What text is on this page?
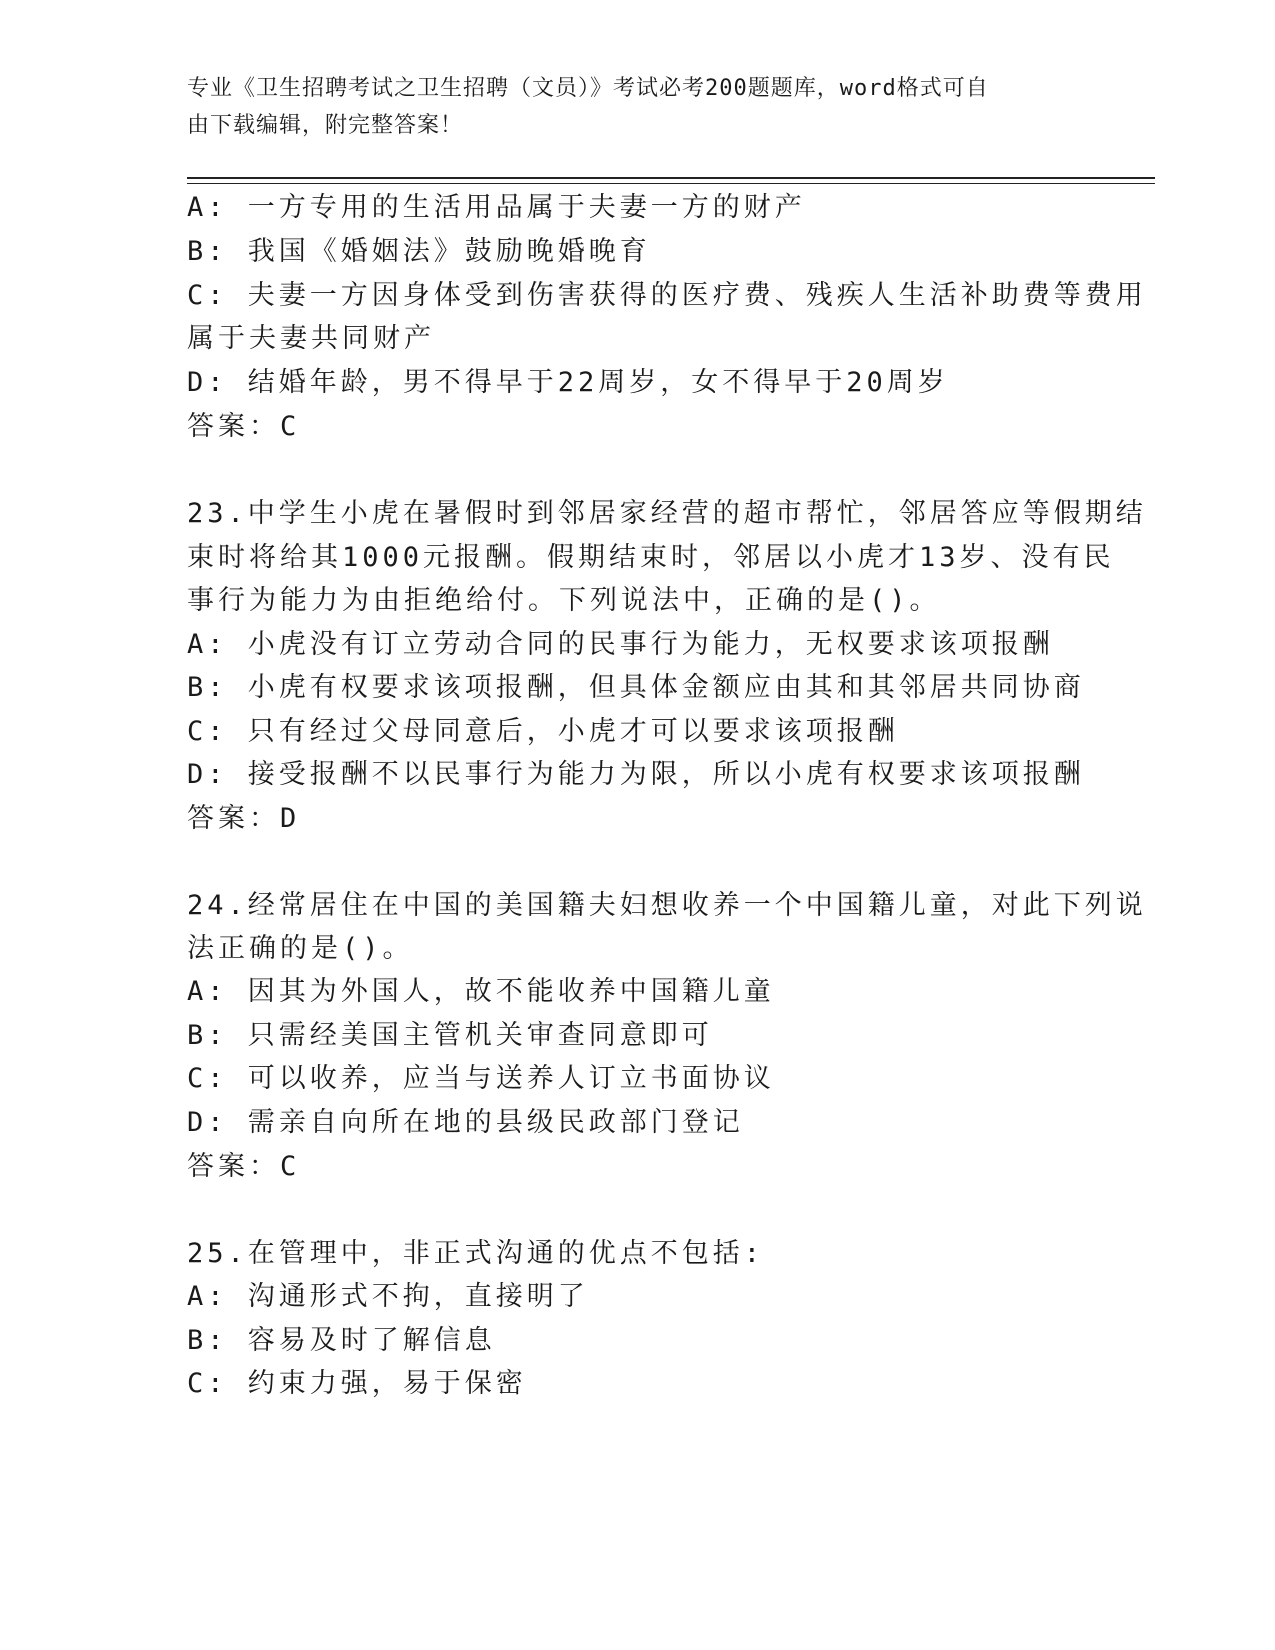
专业《卫生招聘考试之卫生招聘（文员）》考试必考200题题库，word格式可自
由下载编辑，附完整答案！
A: 一方专用的生活用品属于夫妻一方的财产
B: 我国《婚姻法》鼓励晚婚晚育
C: 夫妻一方因身体受到伤害获得的医疗费、残疾人生活补助费等费用
属于夫妻共同财产
D: 结婚年龄，男不得早于22周岁，女不得早于20周岁
答案：C
23.中学生小虎在暑假时到邻居家经营的超市帮忙，邻居答应等假期结
束时将给其1000元报酬。假期结束时，邻居以小虎才13岁、没有民
事行为能力为由拒绝给付。下列说法中，正确的是()。
A: 小虎没有订立劳动合同的民事行为能力，无权要求该项报酬
B: 小虎有权要求该项报酬，但具体金额应由其和其邻居共同协商
C: 只有经过父母同意后，小虎才可以要求该项报酬
D: 接受报酬不以民事行为能力为限，所以小虎有权要求该项报酬
答案：D
24.经常居住在中国的美国籍夫妇想收养一个中国籍儿童，对此下列说
法正确的是()。
A: 因其为外国人，故不能收养中国籍儿童
B: 只需经美国主管机关审查同意即可
C: 可以收养，应当与送养人订立书面协议
D: 需亲自向所在地的县级民政部门登记
答案：C
25.在管理中，非正式沟通的优点不包括:
A: 沟通形式不拘，直接明了
B: 容易及时了解信息
C: 约束力强，易于保密
